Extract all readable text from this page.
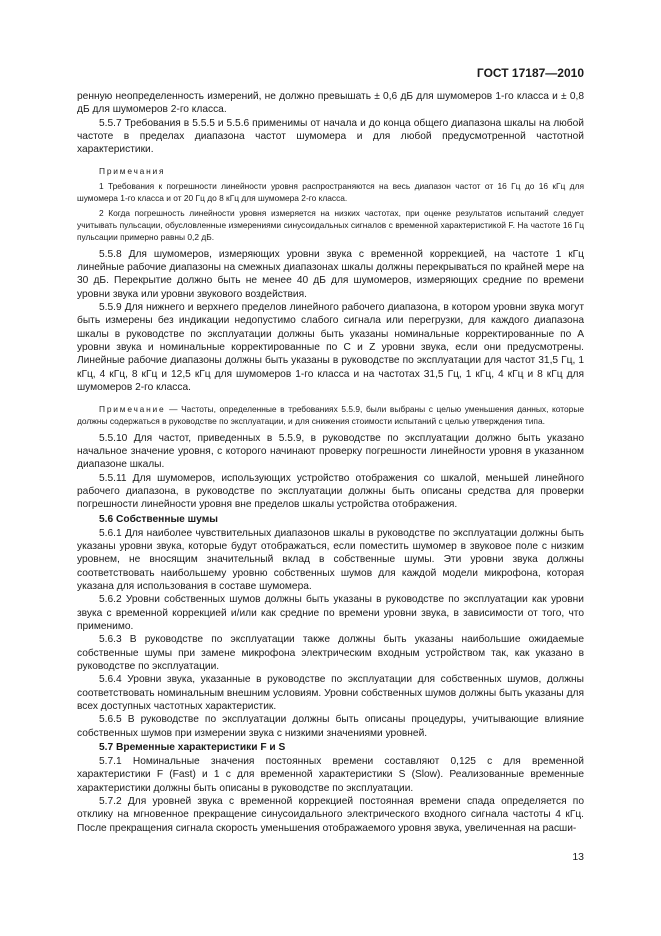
ГОСТ 17187—2010

ренную неопределенность измерений, не должно превышать ± 0,6 дБ для шумомеров 1-го класса и ± 0,8 дБ для шумомеров 2-го класса.

5.5.7 Требования в 5.5.5 и 5.5.6 применимы от начала и до конца общего диапазона шкалы на любой частоте в пределах диапазона частот шумомера и для любой предусмотренной частотной характеристики.

Примечания

1 Требования к погрешности линейности уровня распространяются на весь диапазон частот от 16 Гц до 16 кГц для шумомера 1-го класса и от 20 Гц до 8 кГц для шумомера 2-го класса.

2 Когда погрешность линейности уровня измеряется на низких частотах, при оценке результатов испытаний следует учитывать пульсации, обусловленные измерениями синусоидальных сигналов с временной характеристикой F. На частоте 16 Гц пульсации примерно равны 0,2 дБ.

5.5.8 Для шумомеров, измеряющих уровни звука с временной коррекцией, на частоте 1 кГц линейные рабочие диапазоны на смежных диапазонах шкалы должны перекрываться по крайней мере на 30 дБ. Перекрытие должно быть не менее 40 дБ для шумомеров, измеряющих средние по времени уровни звука или уровни звукового воздействия.

5.5.9 Для нижнего и верхнего пределов линейного рабочего диапазона, в котором уровни звука могут быть измерены без индикации недопустимо слабого сигнала или перегрузки, для каждого диапазона шкалы в руководстве по эксплуатации должны быть указаны номинальные корректированные по A уровни звука и номинальные корректированные по C и Z уровни звука, если они предусмотрены. Линейные рабочие диапазоны должны быть указаны в руководстве по эксплуатации для частот 31,5 Гц, 1 кГц, 4 кГц, 8 кГц и 12,5 кГц для шумомеров 1-го класса и на частотах 31,5 Гц, 1 кГц, 4 кГц и 8 кГц для шумомеров 2-го класса.

Примечание — Частоты, определенные в требованиях 5.5.9, были выбраны с целью уменьшения данных, которые должны содержаться в руководстве по эксплуатации, и для снижения стоимости испытаний с целью утверждения типа.

5.5.10 Для частот, приведенных в 5.5.9, в руководстве по эксплуатации должно быть указано начальное значение уровня, с которого начинают проверку погрешности линейности уровня в указанном диапазоне шкалы.

5.5.11 Для шумомеров, использующих устройство отображения со шкалой, меньшей линейного рабочего диапазона, в руководстве по эксплуатации должны быть описаны средства для проверки погрешности линейности уровня вне пределов шкалы устройства отображения.

5.6 Собственные шумы

5.6.1 Для наиболее чувствительных диапазонов шкалы в руководстве по эксплуатации должны быть указаны уровни звука, которые будут отображаться, если поместить шумомер в звуковое поле с низким уровнем, не вносящим значительный вклад в собственные шумы. Эти уровни звука должны соответствовать наибольшему уровню собственных шумов для каждой модели микрофона, которая указана для использования в составе шумомера.

5.6.2 Уровни собственных шумов должны быть указаны в руководстве по эксплуатации как уровни звука с временной коррекцией и/или как средние по времени уровни звука, в зависимости от того, что применимо.

5.6.3 В руководстве по эксплуатации также должны быть указаны наибольшие ожидаемые собственные шумы при замене микрофона электрическим входным устройством так, как указано в руководстве по эксплуатации.

5.6.4 Уровни звука, указанные в руководстве по эксплуатации для собственных шумов, должны соответствовать номинальным внешним условиям. Уровни собственных шумов должны быть указаны для всех доступных частотных характеристик.

5.6.5 В руководстве по эксплуатации должны быть описаны процедуры, учитывающие влияние собственных шумов при измерении звука с низкими значениями уровней.

5.7 Временные характеристики F и S

5.7.1 Номинальные значения постоянных времени составляют 0,125 с для временной характеристики F (Fast) и 1 с для временной характеристики S (Slow). Реализованные временные характеристики должны быть описаны в руководстве по эксплуатации.

5.7.2 Для уровней звука с временной коррекцией постоянная времени спада определяется по отклику на мгновенное прекращение синусоидального электрического входного сигнала частоты 4 кГц. После прекращения сигнала скорость уменьшения отображаемого уровня звука, увеличенная на расши-

13
